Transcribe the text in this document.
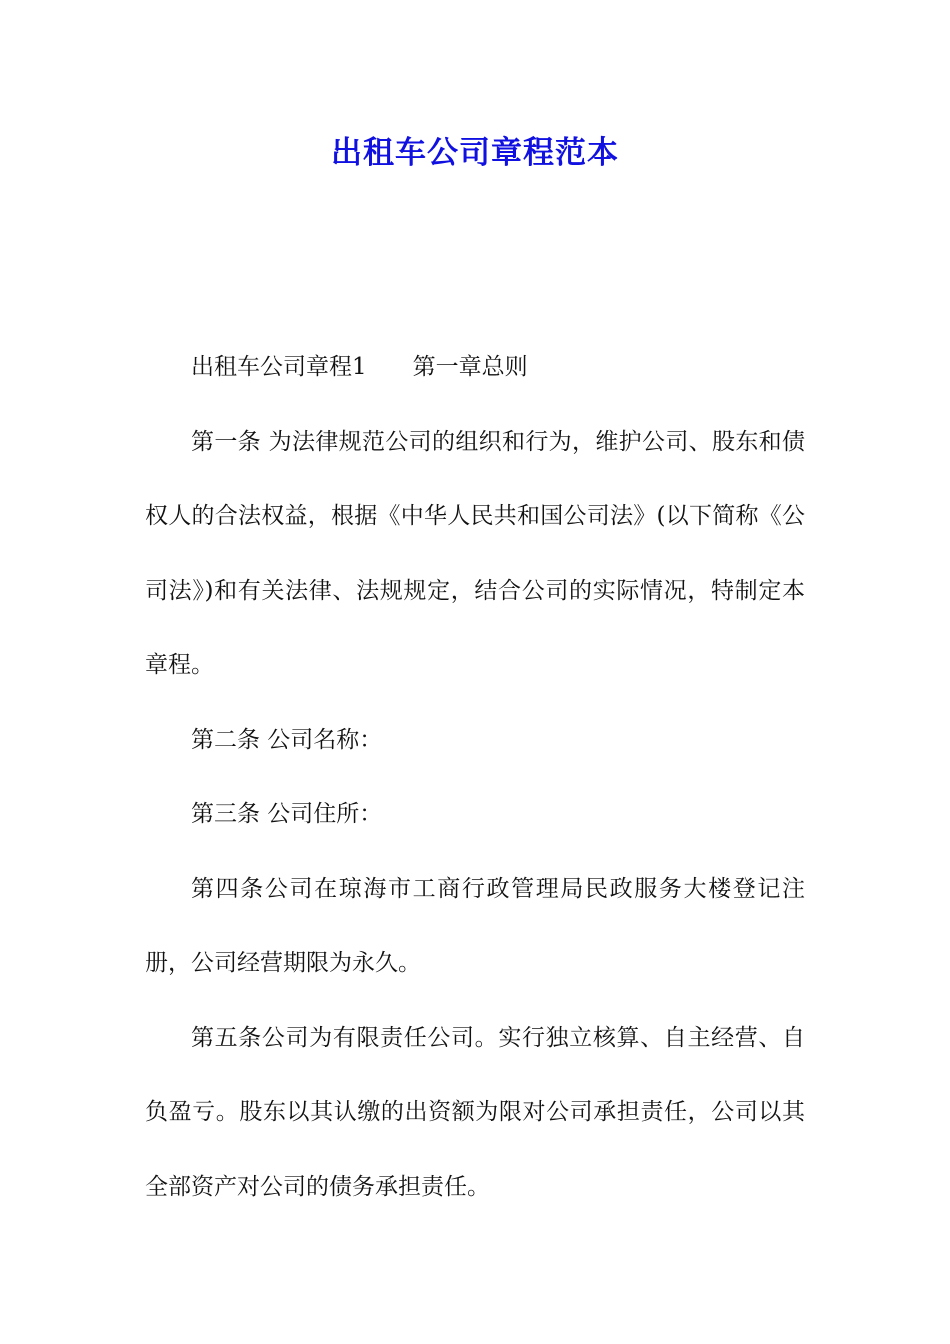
出租车公司章程范本

出租车公司章程1　　第一章总则

第一条 为法律规范公司的组织和行为，维护公司、股东和债权人的合法权益，根据《中华人民共和国公司法》(以下简称《公司法》)和有关法律、法规规定，结合公司的实际情况，特制定本章程。

第二条 公司名称：

第三条 公司住所：

第四条公司在琼海市工商行政管理局民政服务大楼登记注册，公司经营期限为永久。

第五条公司为有限责任公司。实行独立核算、自主经营、自负盈亏。股东以其认缴的出资额为限对公司承担责任，公司以其全部资产对公司的债务承担责任。
